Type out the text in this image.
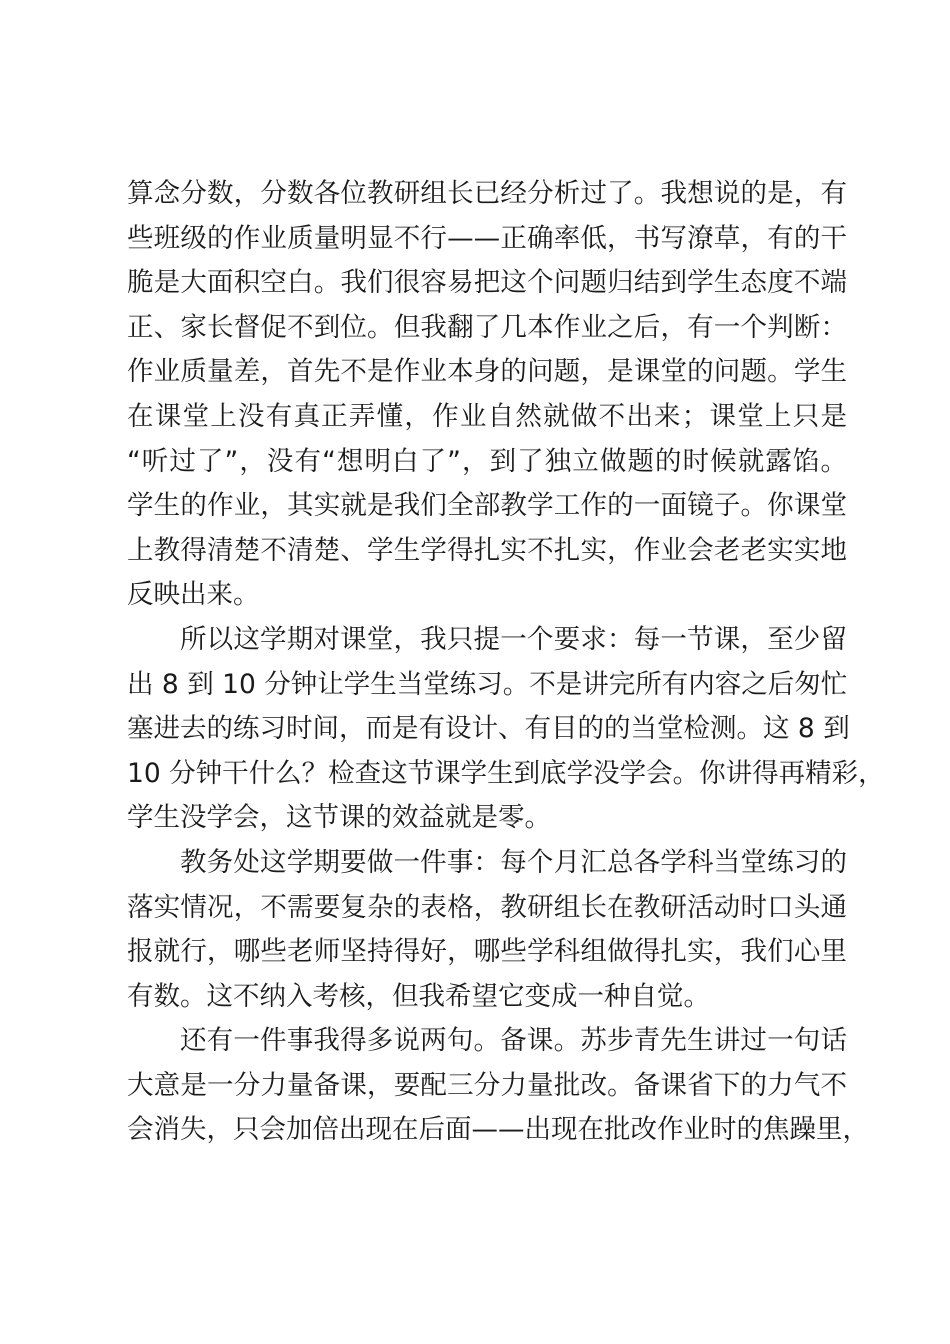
算念分数，分数各位教研组长已经分析过了。我想说的是，有
些班级的作业质量明显不行——正确率低，书写潦草，有的干
脆是大面积空白。我们很容易把这个问题归结到学生态度不端
正、家长督促不到位。但我翻了几本作业之后，有一个判断：
作业质量差，首先不是作业本身的问题，是课堂的问题。学生
在课堂上没有真正弄懂，作业自然就做不出来；课堂上只是
“听过了”，没有“想明白了”，到了独立做题的时候就露馅。
学生的作业，其实就是我们全部教学工作的一面镜子。你课堂
上教得清楚不清楚、学生学得扎实不扎实，作业会老老实实地
反映出来。
所以这学期对课堂，我只提一个要求：每一节课，至少留
出 8 到 10 分钟让学生当堂练习。不是讲完所有内容之后匆忙
塞进去的练习时间，而是有设计、有目的的当堂检测。这 8 到
10 分钟干什么？检查这节课学生到底学没学会。你讲得再精彩，
学生没学会，这节课的效益就是零。
教务处这学期要做一件事：每个月汇总各学科当堂练习的
落实情况，不需要复杂的表格，教研组长在教研活动时口头通
报就行，哪些老师坚持得好，哪些学科组做得扎实，我们心里
有数。这不纳入考核，但我希望它变成一种自觉。
还有一件事我得多说两句。备课。苏步青先生讲过一句话
大意是一分力量备课，要配三分力量批改。备课省下的力气不
会消失，只会加倍出现在后面——出现在批改作业时的焦躁里，
